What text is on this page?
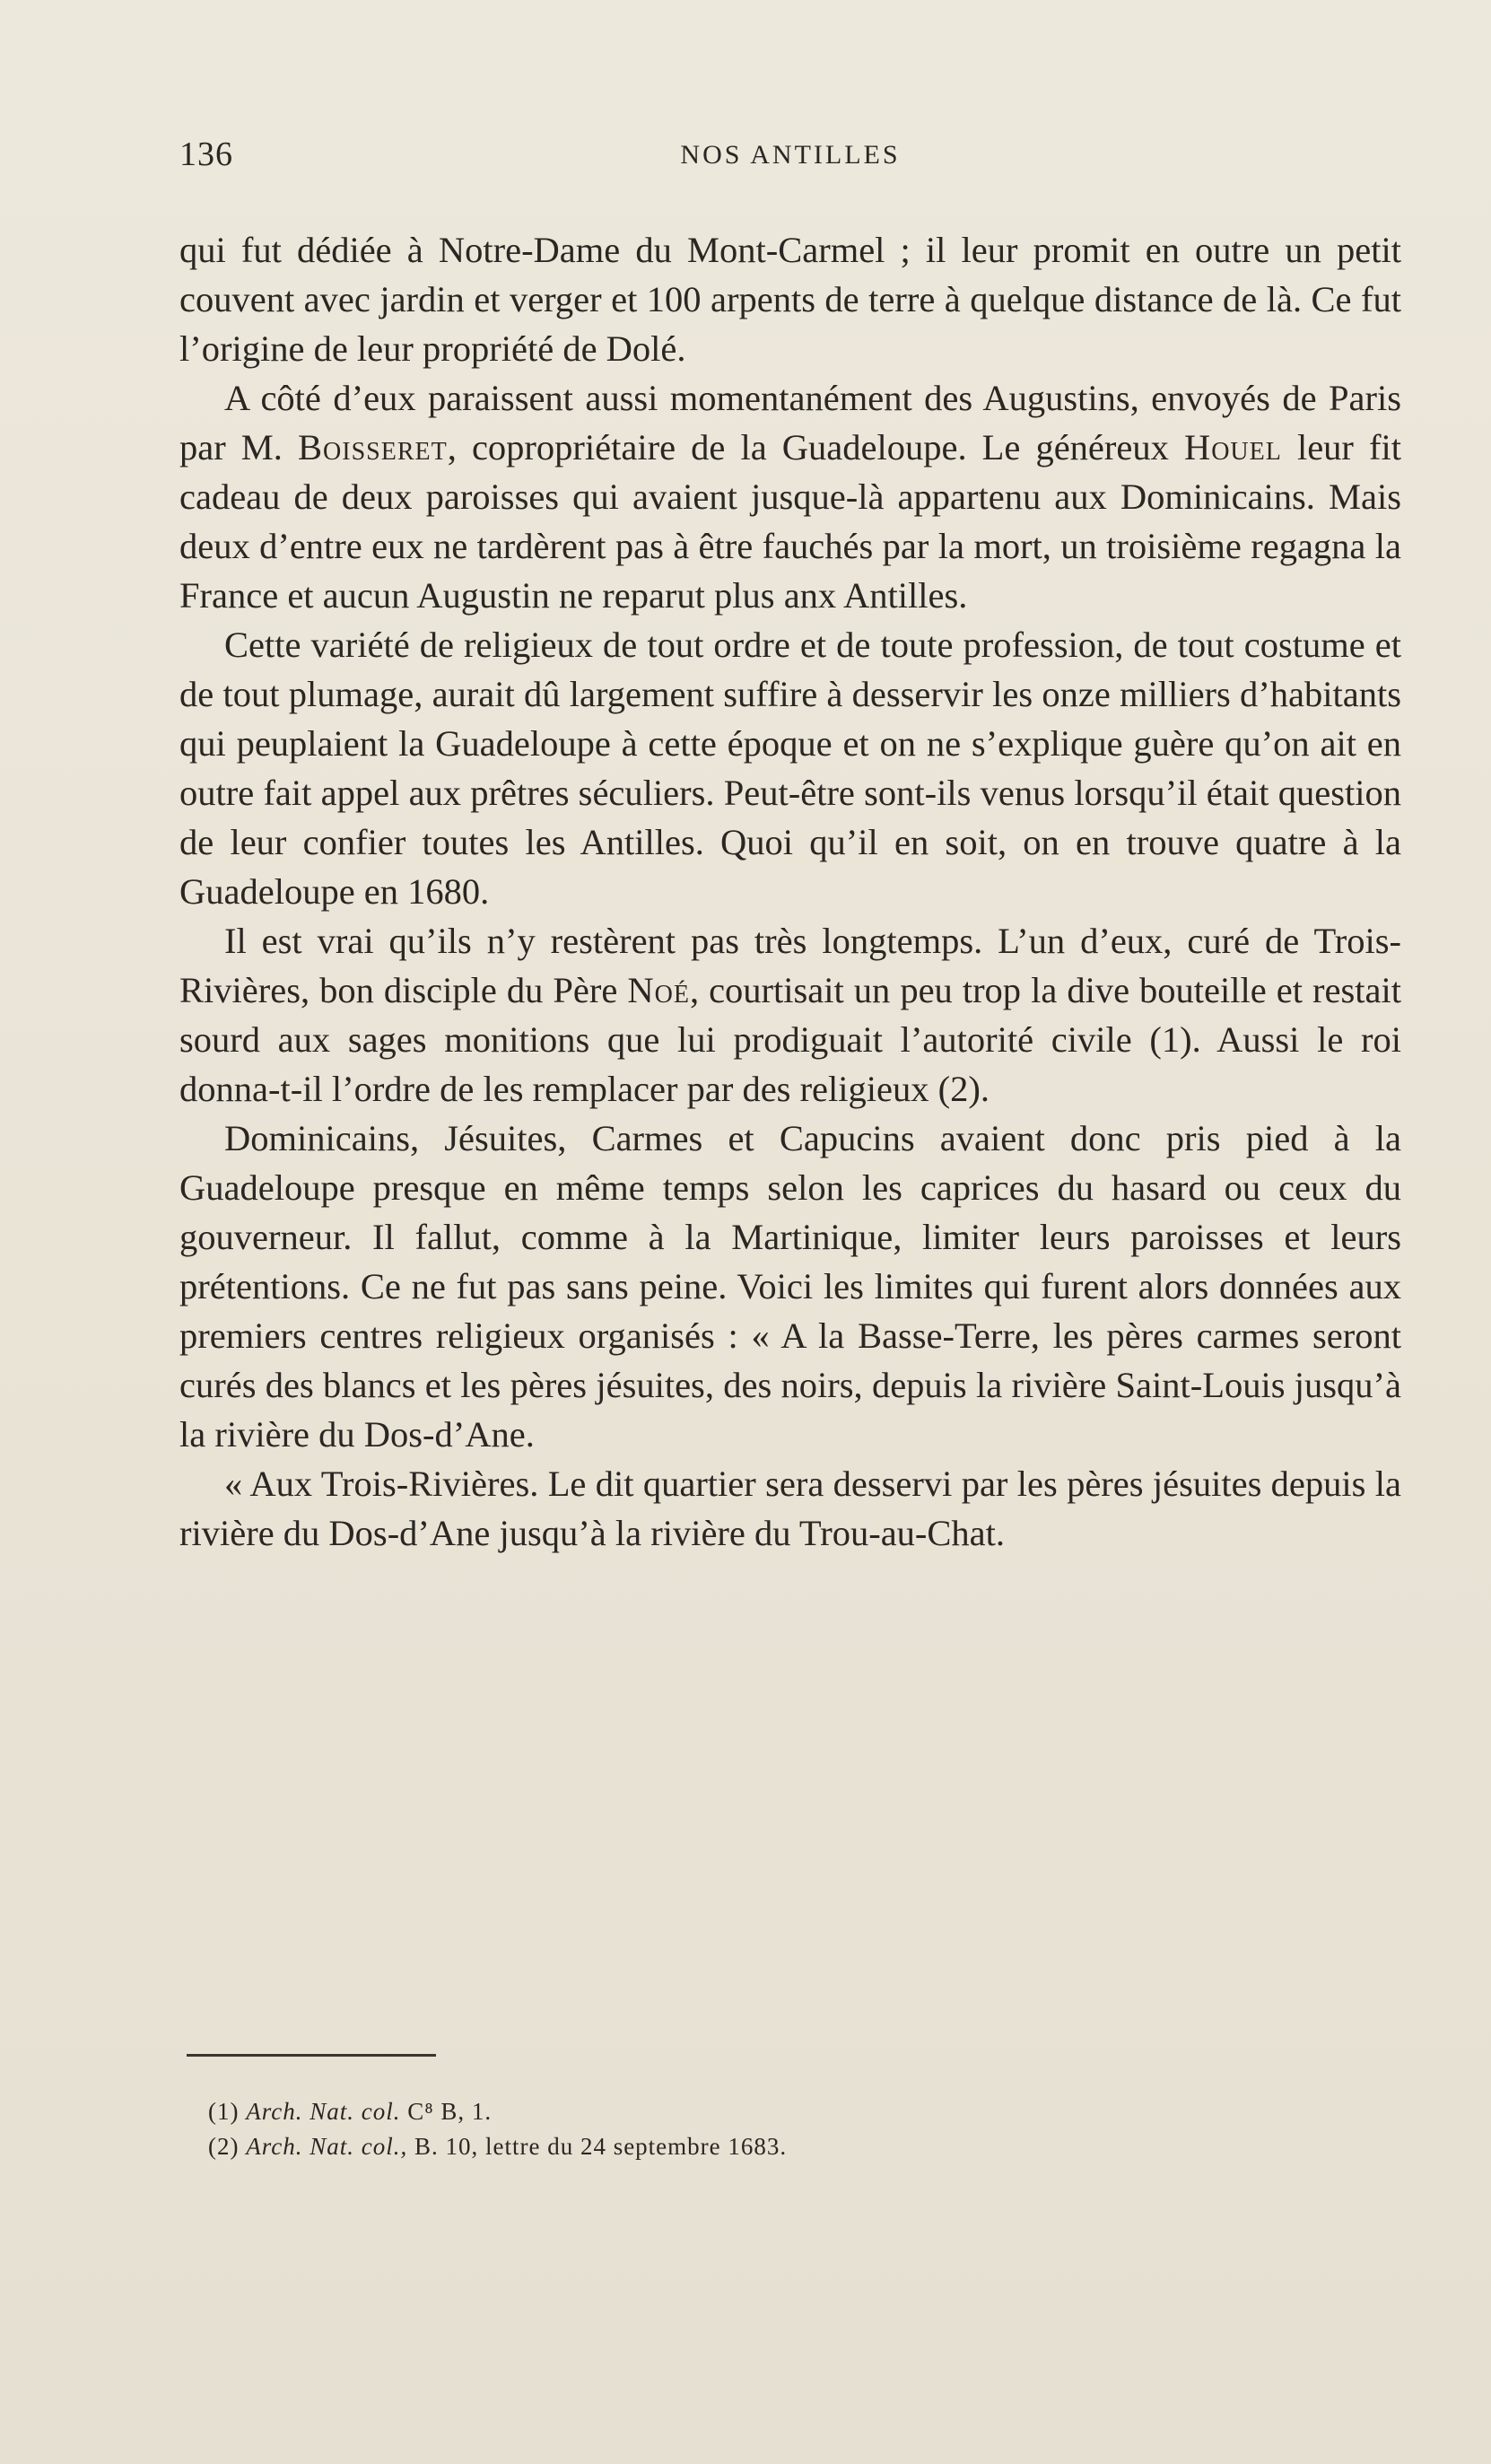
136	NOS ANTILLES

qui fut dédiée à Notre-Dame du Mont-Carmel ; il leur promit en outre un petit couvent avec jardin et verger et 100 arpents de terre à quelque distance de là. Ce fut l’origine de leur propriété de Dolé.

A côté d’eux paraissent aussi momentanément des Augustins, envoyés de Paris par M. Boisseret, copropriétaire de la Guadeloupe. Le généreux Houel leur fit cadeau de deux paroisses qui avaient jusque-là appartenu aux Dominicains. Mais deux d’entre eux ne tardèrent pas à être fauchés par la mort, un troisième regagna la France et aucun Augustin ne reparut plus anx Antilles.

Cette variété de religieux de tout ordre et de toute profession, de tout costume et de tout plumage, aurait dû largement suffire à desservir les onze milliers d’habitants qui peuplaient la Guadeloupe à cette époque et on ne s’explique guère qu’on ait en outre fait appel aux prêtres séculiers. Peut-être sont-ils venus lorsqu’il était question de leur confier toutes les Antilles. Quoi qu’il en soit, on en trouve quatre à la Guadeloupe en 1680.

Il est vrai qu’ils n’y restèrent pas très longtemps. L’un d’eux, curé de Trois-Rivières, bon disciple du Père Noé, courtisait un peu trop la dive bouteille et restait sourd aux sages monitions que lui prodiguait l’autorité civile (1). Aussi le roi donna-t-il l’ordre de les remplacer par des religieux (2).

Dominicains, Jésuites, Carmes et Capucins avaient donc pris pied à la Guadeloupe presque en même temps selon les caprices du hasard ou ceux du gouverneur. Il fallut, comme à la Martinique, limiter leurs paroisses et leurs prétentions. Ce ne fut pas sans peine. Voici les limites qui furent alors données aux premiers centres religieux organisés : « A la Basse-Terre, les pères carmes seront curés des blancs et les pères jésuites, des noirs, depuis la rivière Saint-Louis jusqu’à la rivière du Dos-d’Ane.

« Aux Trois-Rivières. Le dit quartier sera desservi par les pères jésuites depuis la rivière du Dos-d’Ane jusqu’à la rivière du Trou-au-Chat.

(1) Arch. Nat. col. C⁸ B, 1.
(2) Arch. Nat. col., B. 10, lettre du 24 septembre 1683.
